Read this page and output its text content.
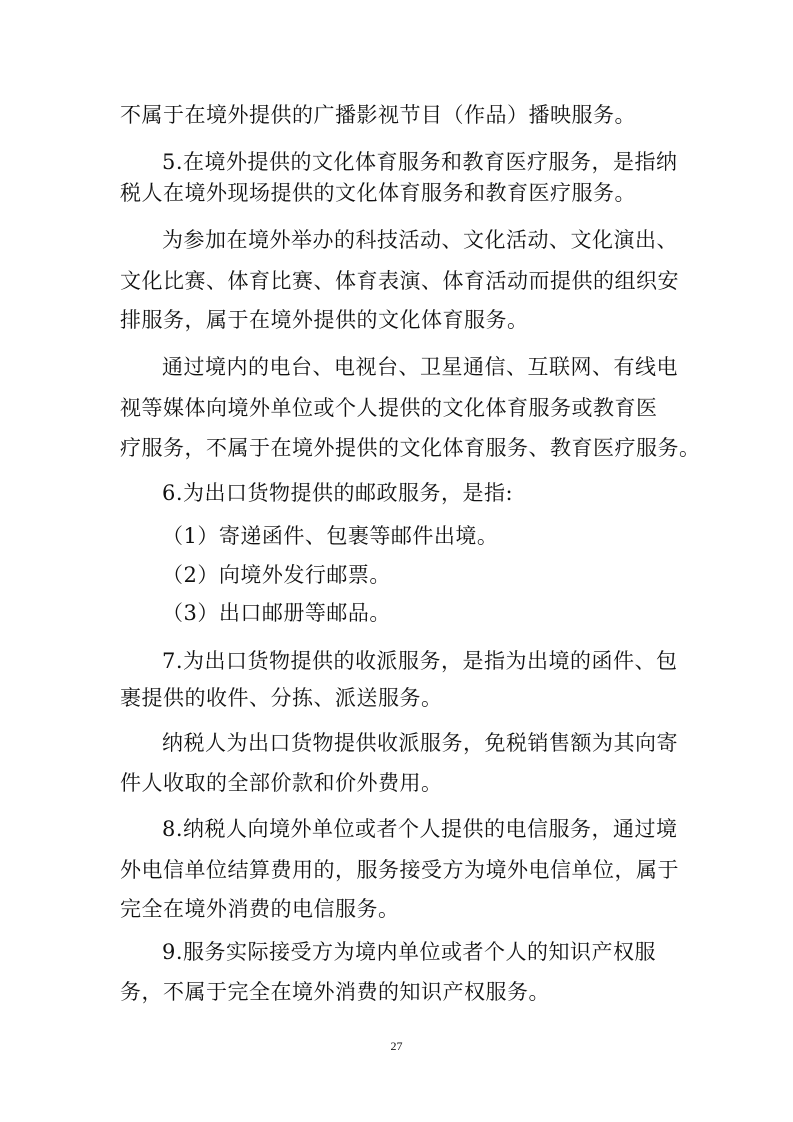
不属于在境外提供的广播影视节目（作品）播映服务。
5.在境外提供的文化体育服务和教育医疗服务，是指纳
税人在境外现场提供的文化体育服务和教育医疗服务。
为参加在境外举办的科技活动、文化活动、文化演出、
文化比赛、体育比赛、体育表演、体育活动而提供的组织安
排服务，属于在境外提供的文化体育服务。
通过境内的电台、电视台、卫星通信、互联网、有线电
视等媒体向境外单位或个人提供的文化体育服务或教育医
疗服务，不属于在境外提供的文化体育服务、教育医疗服务。
6.为出口货物提供的邮政服务，是指:
（1）寄递函件、包裹等邮件出境。
（2）向境外发行邮票。
（3）出口邮册等邮品。
7.为出口货物提供的收派服务，是指为出境的函件、包
裹提供的收件、分拣、派送服务。
纳税人为出口货物提供收派服务，免税销售额为其向寄
件人收取的全部价款和价外费用。
8.纳税人向境外单位或者个人提供的电信服务，通过境
外电信单位结算费用的，服务接受方为境外电信单位，属于
完全在境外消费的电信服务。
9.服务实际接受方为境内单位或者个人的知识产权服
务，不属于完全在境外消费的知识产权服务。
27
